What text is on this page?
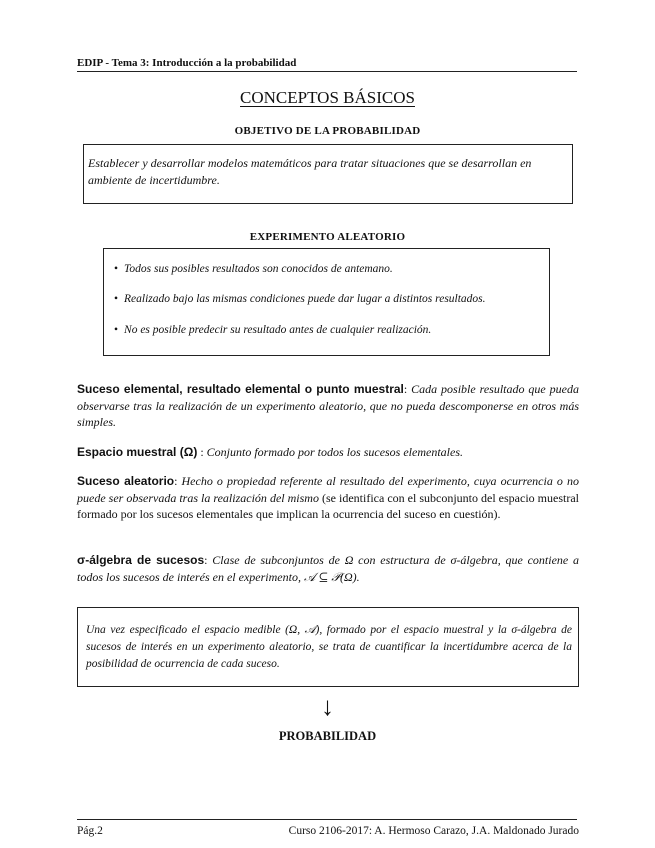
EDIP - Tema 3: Introducción a la probabilidad
CONCEPTOS BÁSICOS
OBJETIVO DE LA PROBABILIDAD
Establecer y desarrollar modelos matemáticos para tratar situaciones que se desarrollan en ambiente de incertidumbre.
EXPERIMENTO ALEATORIO
• Todos sus posibles resultados son conocidos de antemano.
• Realizado bajo las mismas condiciones puede dar lugar a distintos resultados.
• No es posible predecir su resultado antes de cualquier realización.
Suceso elemental, resultado elemental o punto muestral: Cada posible resultado que pueda observarse tras la realización de un experimento aleatorio, que no pueda descomponerse en otros más simples.
Espacio muestral (Ω) : Conjunto formado por todos los sucesos elementales.
Suceso aleatorio: Hecho o propiedad referente al resultado del experimento, cuya ocurrencia o no puede ser observada tras la realización del mismo (se identifica con el subconjunto del espacio muestral formado por los sucesos elementales que implican la ocurrencia del suceso en cuestión).
σ-álgebra de sucesos: Clase de subconjuntos de Ω con estructura de σ-álgebra, que contiene a todos los sucesos de interés en el experimento, 𝒜 ⊆ 𝒫(Ω).

Una vez especificado el espacio medible (Ω, 𝒜), formado por el espacio muestral y la σ-álgebra de sucesos de interés en un experimento aleatorio, se trata de cuantificar la incertidumbre acerca de la posibilidad de ocurrencia de cada suceso.

↓
PROBABILIDAD
Pág.2	Curso 2106-2017: A. Hermoso Carazo, J.A. Maldonado Jurado
